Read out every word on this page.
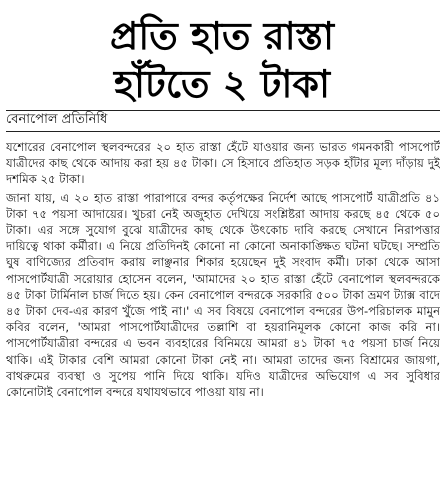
প্রতি হাত রাস্তা
হাঁটতে ২ টাকা
বেনাপোল প্রতিনিধি

যশোরের বেনাপোল স্থলবন্দরের ২০ হাত রাস্তা হেঁটে যাওয়ার জন্য ভারত গমনকারী পাসপোর্ট যাত্রীদের কাছ থেকে আদায় করা হয় ৪৫ টাকা। সে হিসাবে প্রতিহাত সড়ক হাঁটার মূল্য দাঁড়ায় দুই দশমিক ২৫ টাকা।

জানা যায়, এ ২০ হাত রাস্তা পারাপারে বন্দর কর্তৃপক্ষের নির্দেশ আছে পাসপোর্ট যাত্রীপ্রতি ৪১ টাকা ৭৫ পয়সা আদায়ের। খুচরা নেই অজুহাত দেখিয়ে সংশ্লিষ্টরা আদায় করছে ৪৫ থেকে ৫০ টাকা। এর সঙ্গে সুযোগ বুঝে যাত্রীদের কাছ থেকে উৎকোচ দাবি করছে সেখানে নিরাপত্তার দায়িত্বে থাকা কর্মীরা। এ নিয়ে প্রতিদিনই কোনো না কোনো অনাকাঙ্ক্ষিত ঘটনা ঘটছে। সম্প্রতি ঘুষ বাণিজ্যের প্রতিবাদ করায় লাঞ্ছনার শিকার হয়েছেন দুই সংবাদ কর্মী। ঢাকা থেকে আসা পাসপোর্টযাত্রী সরোয়ার হোসেন বলেন, 'আমাদের ২০ হাত রাস্তা হেঁটে বেনাপোল স্থলবন্দরকে ৪৫ টাকা টার্মিনাল চার্জ দিতে হয়। কেন বেনাপোল বন্দরকে সরকারি ৫০০ টাকা ভ্রমণ ট্যাক্স বাদে ৪৫ টাকা দেব-এর কারণ খুঁজে পাই না।' এ সব বিষয়ে বেনাপোল বন্দরের উপ-পরিচালক মামুন কবির বলেন, 'আমরা পাসপোর্টযাত্রীদের তল্লাশি বা হয়রানিমূলক কোনো কাজ করি না। পাসপোর্টযাত্রীরা বন্দরের এ ভবন ব্যবহারের বিনিময়ে আমরা ৪১ টাকা ৭৫ পয়সা চার্জ নিয়ে থাকি। এই টাকার বেশি আমরা কোনো টাকা নেই না। আমরা তাদের জন্য বিশ্রামের জায়গা, বাথরুমের ব্যবস্থা ও সুপেয় পানি দিয়ে থাকি। যদিও যাত্রীদের অভিযোগ এ সব সুবিধার কোনোটাই বেনাপোল বন্দরে যথাযথভাবে পাওয়া যায় না।
